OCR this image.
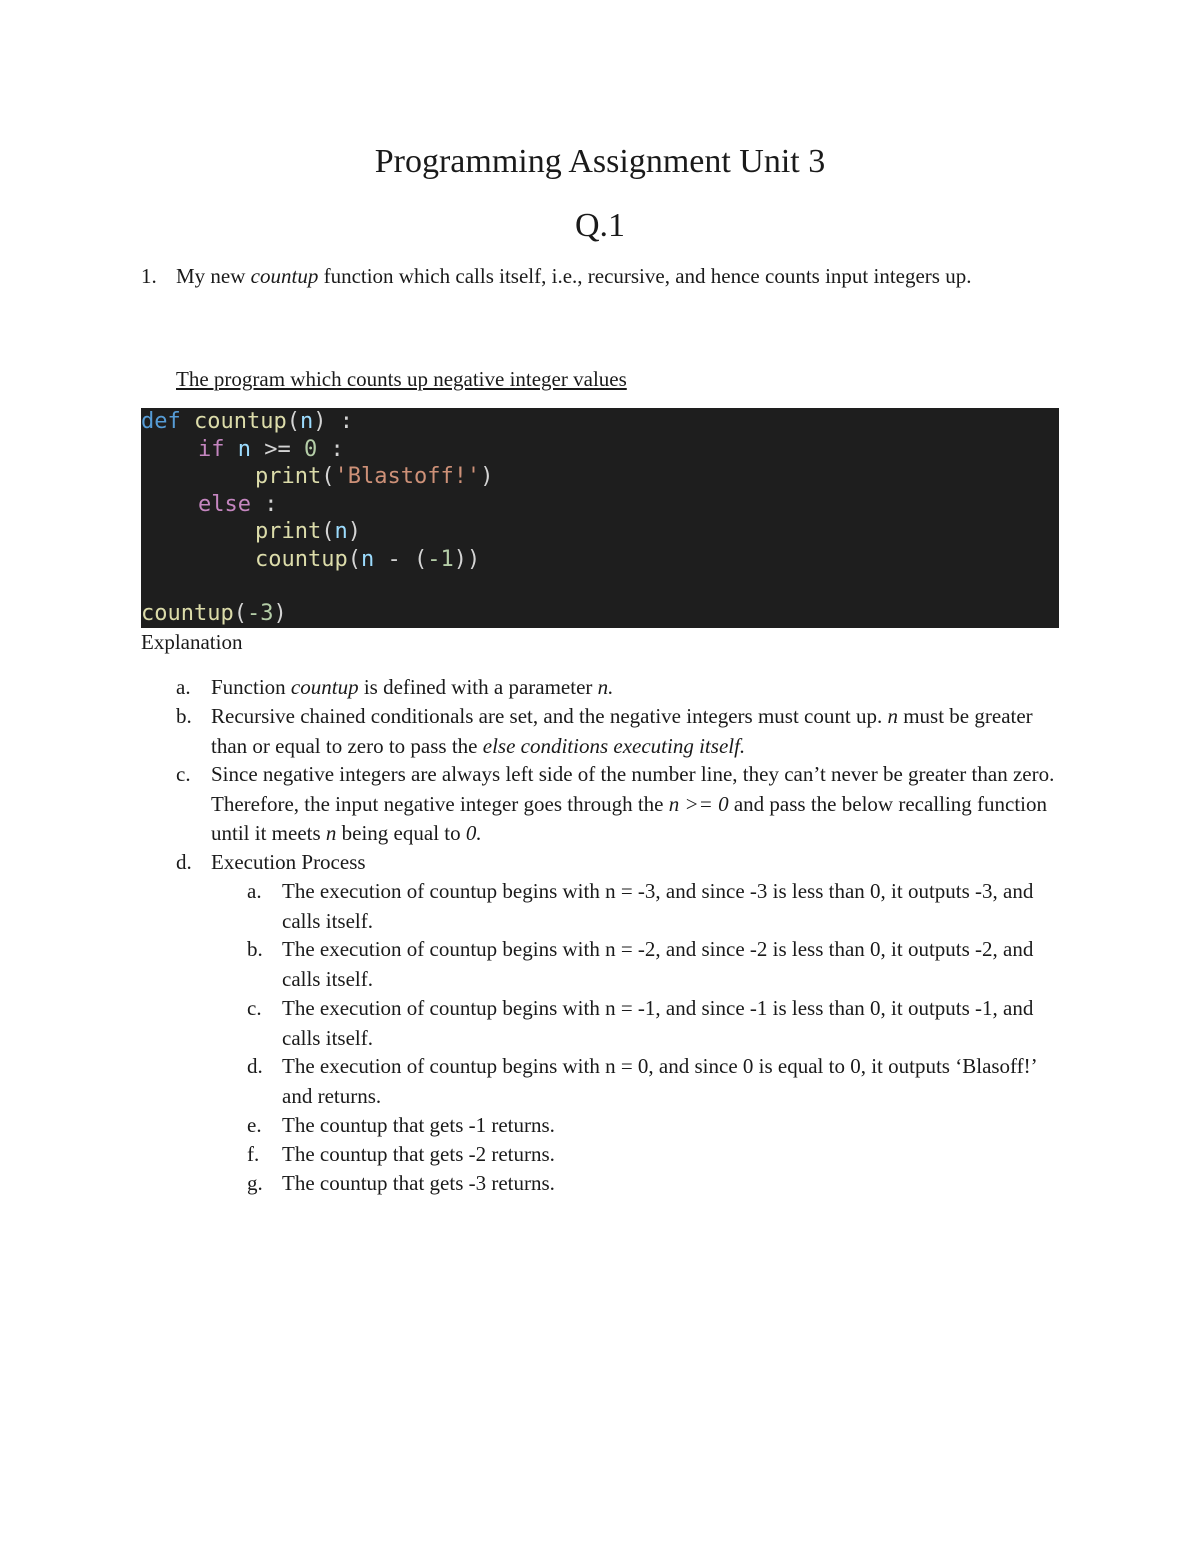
Programming Assignment Unit 3
Q.1
1. My new countup function which calls itself, i.e., recursive, and hence counts input integers up.
The program which counts up negative integer values
def countup(n) :
if n >= 0 :
print('Blastoff!')
else :
print(n)
countup(n - (-1))
countup(-3)
Explanation
a. Function countup is defined with a parameter n.
b. Recursive chained conditionals are set, and the negative integers must count up. n must be greater than or equal to zero to pass the else conditions executing itself.
c. Since negative integers are always left side of the number line, they can’t never be greater than zero. Therefore, the input negative integer goes through the n >= 0 and pass the below recalling function until it meets n being equal to 0.
d. Execution Process
a. The execution of countup begins with n = -3, and since -3 is less than 0, it outputs -3, and calls itself.
b. The execution of countup begins with n = -2, and since -2 is less than 0, it outputs -2, and calls itself.
c. The execution of countup begins with n = -1, and since -1 is less than 0, it outputs -1, and calls itself.
d. The execution of countup begins with n = 0, and since 0 is equal to 0, it outputs ‘Blasoff!’ and returns.
e. The countup that gets -1 returns.
f. The countup that gets -2 returns.
g. The countup that gets -3 returns.
